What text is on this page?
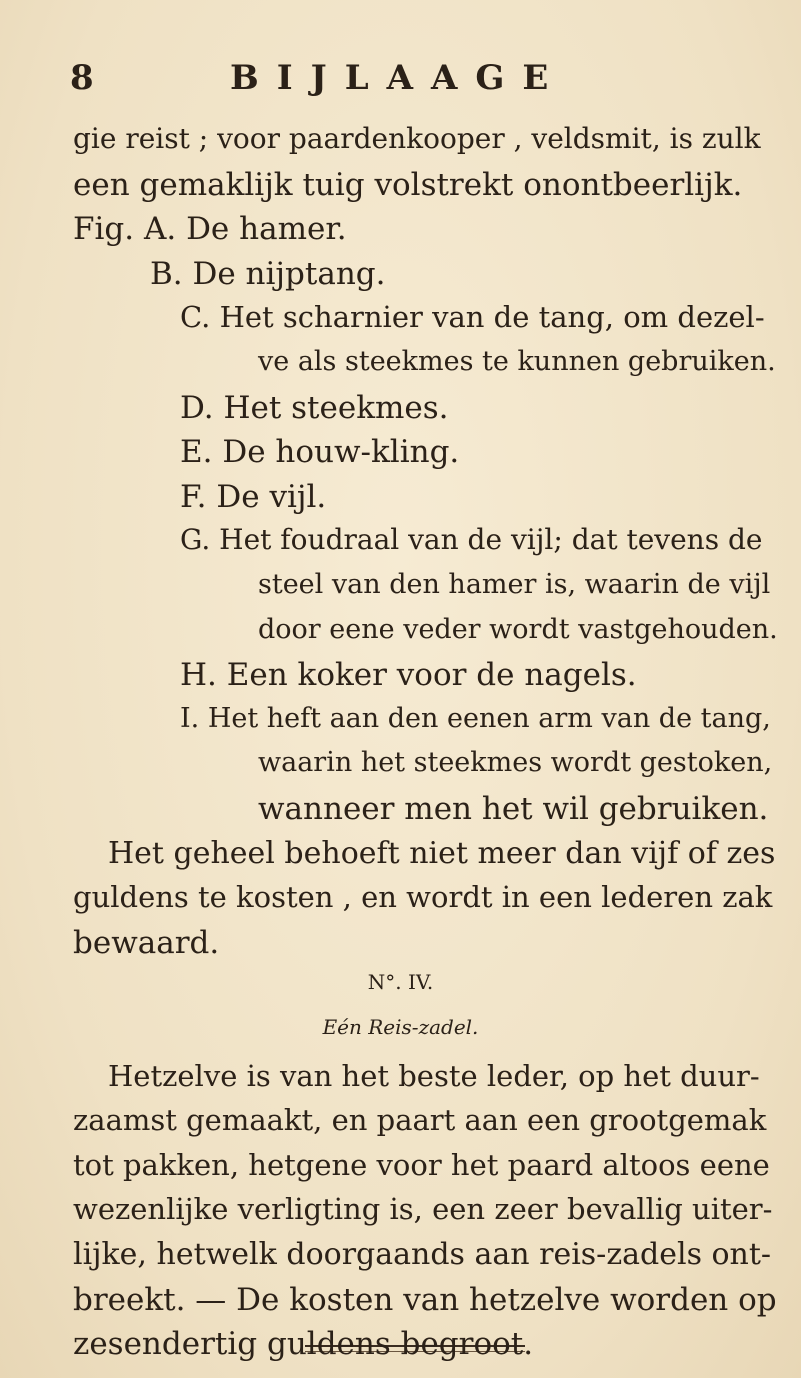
8	BIJLAAGE
gie reist ; voor paardenkooper , veldsmit, is zulk
een gemaklijk tuig volstrekt onontbeerlijk.
Fig. A. De hamer.
B. De nijptang.
C. Het scharnier van de tang, om dezel-
ve als steekmes te kunnen gebruiken.
D. Het steekmes.
E. De houw-kling.
F. De vijl.
G. Het foudraal van de vijl; dat tevens de
steel van den hamer is, waarin de vijl
door eene veder wordt vastgehouden.
H. Een koker voor de nagels.
I. Het heft aan den eenen arm van de tang,
waarin het steekmes wordt gestoken,
wanneer men het wil gebruiken.
Het geheel behoeft niet meer dan vijf of zes
guldens te kosten , en wordt in een lederen zak
bewaard.
N°. IV.
Eén Reis-zadel.
Hetzelve is van het beste leder, op het duur-
zaamst gemaakt, en paart aan een grootgemak
tot pakken, hetgene voor het paard altoos eene
wezenlijke verligting is, een zeer bevallig uiter-
lijke, hetwelk doorgaands aan reis-zadels ont-
breekt. — De kosten van hetzelve worden op
zesendertig guldens begroot.
